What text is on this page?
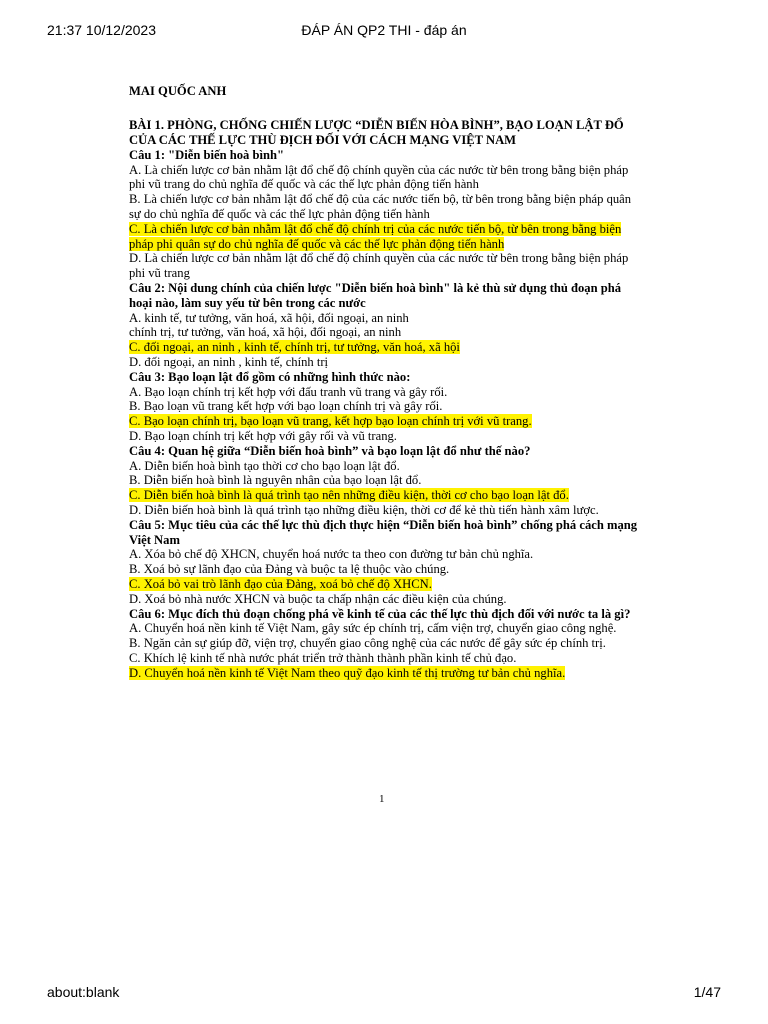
21:37 10/12/2023	ĐÁP ÁN QP2 THI - đáp án

MAI QUỐC ANH

BÀI 1. PHÒNG, CHỐNG CHIẾN LƯỢC “DIỄN BIẾN HÒA BÌNH”, BẠO LOẠN LẬT ĐỔ CỦA CÁC THẾ LỰC THÙ ĐỊCH ĐỐI VỚI CÁCH MẠNG VIỆT NAM

Câu 1: "Diễn biến hoà bình"

A. Là chiến lược cơ bản nhằm lật đổ chế độ chính quyền của các nước từ bên trong bằng biện pháp phi vũ trang do chủ nghĩa đế quốc và các thế lực phản động tiến hành

B. Là chiến lược cơ bản nhằm lật đổ chế độ của các nước tiến bộ, từ bên trong bằng biện pháp quân sự do chủ nghĩa đế quốc và các thế lực phản động tiến hành

C. Là chiến lược cơ bản nhằm lật đổ chế độ chính trị của các nước tiến bộ, từ bên trong bằng biện pháp phi quân sự do chủ nghĩa đế quốc và các thế lực phản động tiến hành

D. Là chiến lược cơ bản nhằm lật đổ chế độ chính quyền của các nước từ bên trong bằng biện pháp phi vũ trang

Câu 2: Nội dung chính của chiến lược "Diễn biến hoà bình" là kẻ thù sử dụng thủ đoạn phá hoại nào, làm suy yếu từ bên trong các nước

A. kinh tế, tư tưởng, văn hoá, xã hội, đối ngoại, an ninh

chính trị, tư tưởng, văn hoá, xã hội, đối ngoại, an ninh

C. đối ngoại, an ninh , kinh tế, chính trị, tư tưởng, văn hoá, xã hội

D. đối ngoại, an ninh , kinh tế, chính trị

Câu 3: Bạo loạn lật đổ gồm có những hình thức nào:

A. Bạo loạn chính trị kết hợp với đấu tranh vũ trang và gây rối.

B. Bạo loạn vũ trang kết hợp với bạo loạn chính trị và gây rối.

C. Bạo loạn chính trị, bạo loạn vũ trang, kết hợp bạo loạn chính trị với vũ trang.

D. Bạo loạn chính trị kết hợp với gây rối và vũ trang.

Câu 4: Quan hệ giữa “Diễn biến hoà bình” và bạo loạn lật đổ như thế nào?

A. Diễn biến hoà bình tạo thời cơ cho bạo loạn lật đổ.

B. Diễn biến hoà bình là nguyên nhân của bạo loạn lật đổ.

C. Diễn biến hoà bình là quá trình tạo nên những điều kiện, thời cơ cho bạo loạn lật đổ.

D. Diễn biến hoà bình là quá trình tạo những điều kiện, thời cơ để kẻ thù tiến hành xâm lược.

Câu 5: Mục tiêu của các thế lực thù địch thực hiện “Diễn biến hoà bình” chống phá cách mạng Việt Nam

A. Xóa bỏ chế độ XHCN, chuyển hoá nước ta theo con đường tư bản chủ nghĩa.

B. Xoá bỏ sự lãnh đạo của Đảng và buộc ta lệ thuộc vào chúng.

C. Xoá bỏ vai trò lãnh đạo của Đảng, xoá bỏ chế độ XHCN.

D. Xoá bỏ nhà nước XHCN và buộc ta chấp nhận các điều kiện của chúng.

Câu 6: Mục đích thủ đoạn chống phá về kinh tế của các thế lực thù địch đối với nước ta là gì?

A. Chuyển hoá nền kinh tế Việt Nam, gây sức ép chính trị, cấm viện trợ, chuyển giao công nghệ.

B. Ngăn cản sự giúp đỡ, viện trợ, chuyển giao công nghệ của các nước để gây sức ép chính trị.

C. Khích lệ kinh tế nhà nước phát triển trở thành thành phần kinh tế chủ đạo.

D. Chuyển hoá nền kinh tế Việt Nam theo quỹ đạo kinh tế thị trường tư bản chủ nghĩa.

1
about:blank	1/47
